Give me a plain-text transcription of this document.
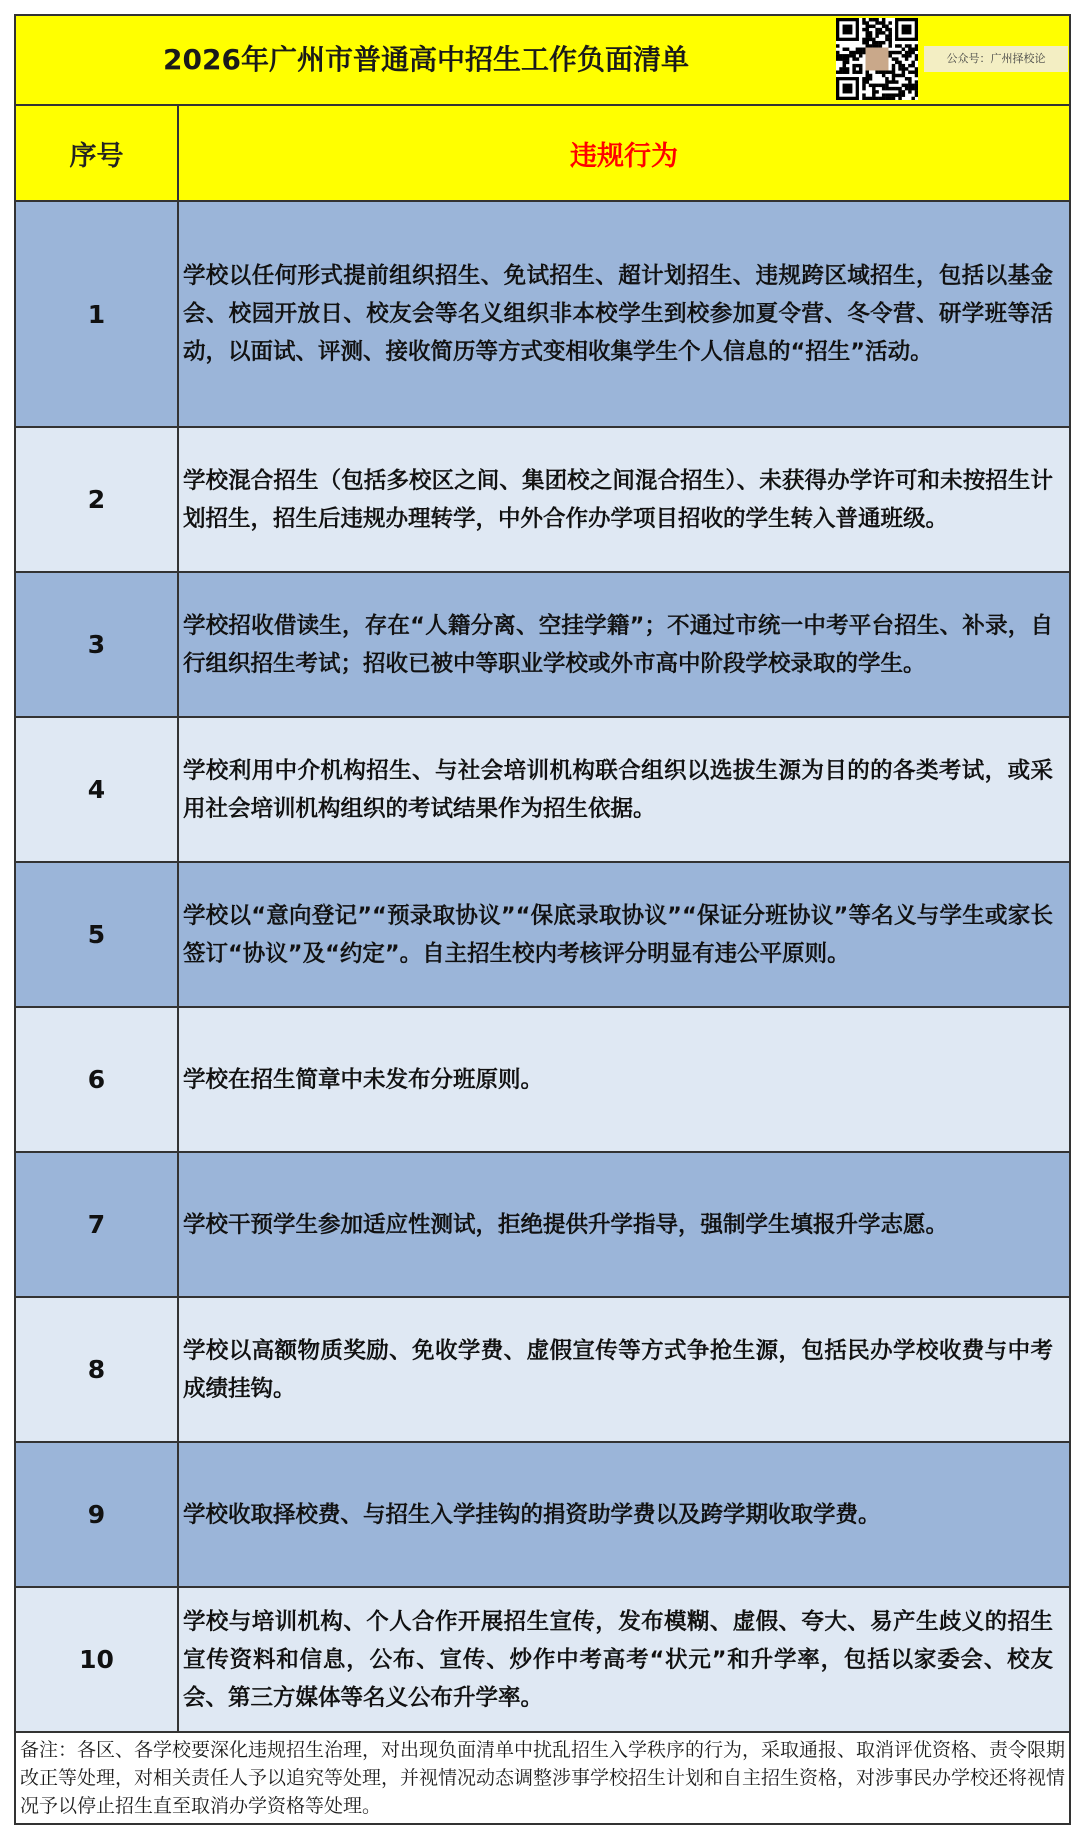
2026年广州市普通高中招生工作负面清单 公众号：广州择校论	

序号	违规行为
1	学校以任何形式提前组织招生、免试招生、超计划招生、违规跨区域招生，包括以基金会、校园开放日、校友会等名义组织非本校学生到校参加夏令营、冬令营、研学班等活动，以面试、评测、接收简历等方式变相收集学生个人信息的“招生”活动。
2	学校混合招生（包括多校区之间、集团校之间混合招生）、未获得办学许可和未按招生计划招生，招生后违规办理转学，中外合作办学项目招收的学生转入普通班级。
3	学校招收借读生，存在“人籍分离、空挂学籍”；不通过市统一中考平台招生、补录，自行组织招生考试；招收已被中等职业学校或外市高中阶段学校录取的学生。
4	学校利用中介机构招生、与社会培训机构联合组织以选拔生源为目的的各类考试，或采用社会培训机构组织的考试结果作为招生依据。
5	学校以“意向登记”“预录取协议”“保底录取协议”“保证分班协议”等名义与学生或家长签订“协议”及“约定”。自主招生校内考核评分明显有违公平原则。
6	学校在招生简章中未发布分班原则。
7	学校干预学生参加适应性测试，拒绝提供升学指导，强制学生填报升学志愿。
8	学校以高额物质奖励、免收学费、虚假宣传等方式争抢生源，包括民办学校收费与中考成绩挂钩。
9	学校收取择校费、与招生入学挂钩的捐资助学费以及跨学期收取学费。
10	学校与培训机构、个人合作开展招生宣传，发布模糊、虚假、夸大、易产生歧义的招生宣传资料和信息，公布、宣传、炒作中考高考“状元”和升学率，包括以家委会、校友会、第三方媒体等名义公布升学率。
备注：各区、各学校要深化违规招生治理，对出现负面清单中扰乱招生入学秩序的行为，采取通报、取消评优资格、责令限期改正等处理，对相关责任人予以追究等处理，并视情况动态调整涉事学校招生计划和自主招生资格，对涉事民办学校还将视情况予以停止招生直至取消办学资格等处理。	
